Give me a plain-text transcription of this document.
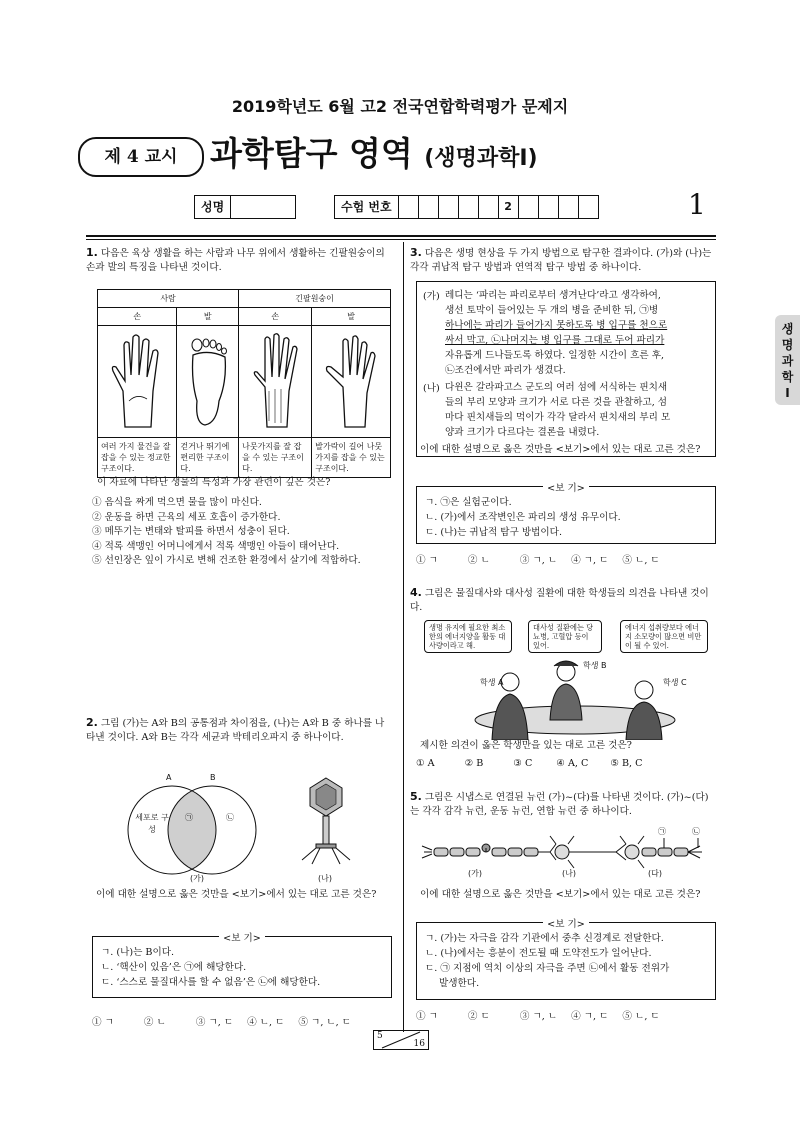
2019학년도 6월 고2 전국연합학력평가 문제지
제 4 교시 과학탐구 영역 (생명과학Ⅰ)
성명	수험 번호	2	1
생
명
과
학
Ⅰ
1. 다음은 육상 생활을 하는 사람과 나무 위에서 생활하는 긴팔원숭이의 손과 발의 특징을 나타낸 것이다.
사람		긴팔원숭이	
손	발	손	발

여러 가지 물건을 잘 잡을 수 있는 정교한 구조이다.	걷거나 뛰기에 편리한 구조이다.	나뭇가지를 잘 잡을 수 있는 구조이다.	발가락이 길어 나뭇가지를 잡을 수 있는 구조이다.
이 자료에 나타난 생물의 특성과 가장 관련이 깊은 것은?
① 음식을 짜게 먹으면 물을 많이 마신다.
② 운동을 하면 근육의 세포 호흡이 증가한다.
③ 메뚜기는 변태와 탈피를 하면서 성충이 된다.
④ 적록 색맹인 어머니에게서 적록 색맹인 아들이 태어난다.
⑤ 선인장은 잎이 가시로 변해 건조한 환경에서 살기에 적합하다.
2. 그림 (가)는 A와 B의 공통점과 차이점을, (나)는 A와 B 중 하나를 나타낸 것이다. A와 B는 각각 세균과 박테리오파지 중 하나이다.
A	B
세포로 구성
㉠	㉡
(가)	(나)
이에 대한 설명으로 옳은 것만을 <보기>에서 있는 대로 고른 것은?
<보 기>
ㄱ. (나)는 B이다.
ㄴ. ‘핵산이 있음’은 ㉠에 해당한다.
ㄷ. ‘스스로 물질대사를 할 수 없음’은 ㉡에 해당한다.
① ㄱ	② ㄴ	③ ㄱ, ㄷ ④ ㄴ, ㄷ ⑤ ㄱ, ㄴ, ㄷ
3. 다음은 생명 현상을 두 가지 방법으로 탐구한 결과이다. (가)와 (나)는 각각 귀납적 탐구 방법과 연역적 탐구 방법 중 하나이다.
(가) 레디는 ‘파리는 파리로부터 생겨난다’라고 생각하여,
생선 토막이 들어있는 두 개의 병을 준비한 뒤, ㉠병
하나에는 파리가 들어가지 못하도록 병 입구를 천으로
싸서 막고, ㉡나머지는 병 입구를 그대로 두어 파리가
자유롭게 드나들도록 하였다. 일정한 시간이 흐른 후,
㉡조건에서만 파리가 생겼다.
(나) 다윈은 갈라파고스 군도의 여러 섬에 서식하는 핀치새
들의 부리 모양과 크기가 서로 다른 것을 관찰하고, 섬
마다 핀치새들의 먹이가 각각 달라서 핀치새의 부리 모
양과 크기가 다르다는 결론을 내렸다.
이에 대한 설명으로 옳은 것만을 <보기>에서 있는 대로 고른 것은?
<보 기>
ㄱ. ㉠은 실험군이다.
ㄴ. (가)에서 조작변인은 파리의 생성 유무이다.
ㄷ. (나)는 귀납적 탐구 방법이다.
① ㄱ	② ㄴ	③ ㄱ, ㄴ ④ ㄱ, ㄷ ⑤ ㄴ, ㄷ
4. 그림은 물질대사와 대사성 질환에 대한 학생들의 의견을 나타낸 것이다.
생명 유지에 필요한 최소한의 에너지양을 활동 대사량이라고 해.
대사성 질환에는 당뇨병, 고혈압 등이 있어.
에너지 섭취량보다 에너지 소모량이 많으면 비만이 될 수 있어.
학생 A
학생 B
학생 C
제시한 의견이 옳은 학생만을 있는 대로 고른 것은?
① A	② B	③ C	④ A, C ⑤ B, C
5. 그림은 시냅스로 연결된 뉴런 (가)~(다)를 나타낸 것이다. (가)~(다)는 각각 감각 뉴런, 운동 뉴런, 연합 뉴런 중 하나이다.
㉠	㉡
(가)	(나)	(다)
이에 대한 설명으로 옳은 것만을 <보기>에서 있는 대로 고른 것은?
<보 기>
ㄱ. (가)는 자극을 감각 기관에서 중추 신경계로 전달한다.
ㄴ. (나)에서는 흥분이 전도될 때 도약전도가 일어난다.
ㄷ. ㉠ 지점에 역치 이상의 자극을 주면 ㉡에서 활동 전위가
발생한다.
① ㄱ	② ㄷ	③ ㄱ, ㄴ ④ ㄱ, ㄷ ⑤ ㄴ, ㄷ
5
16
